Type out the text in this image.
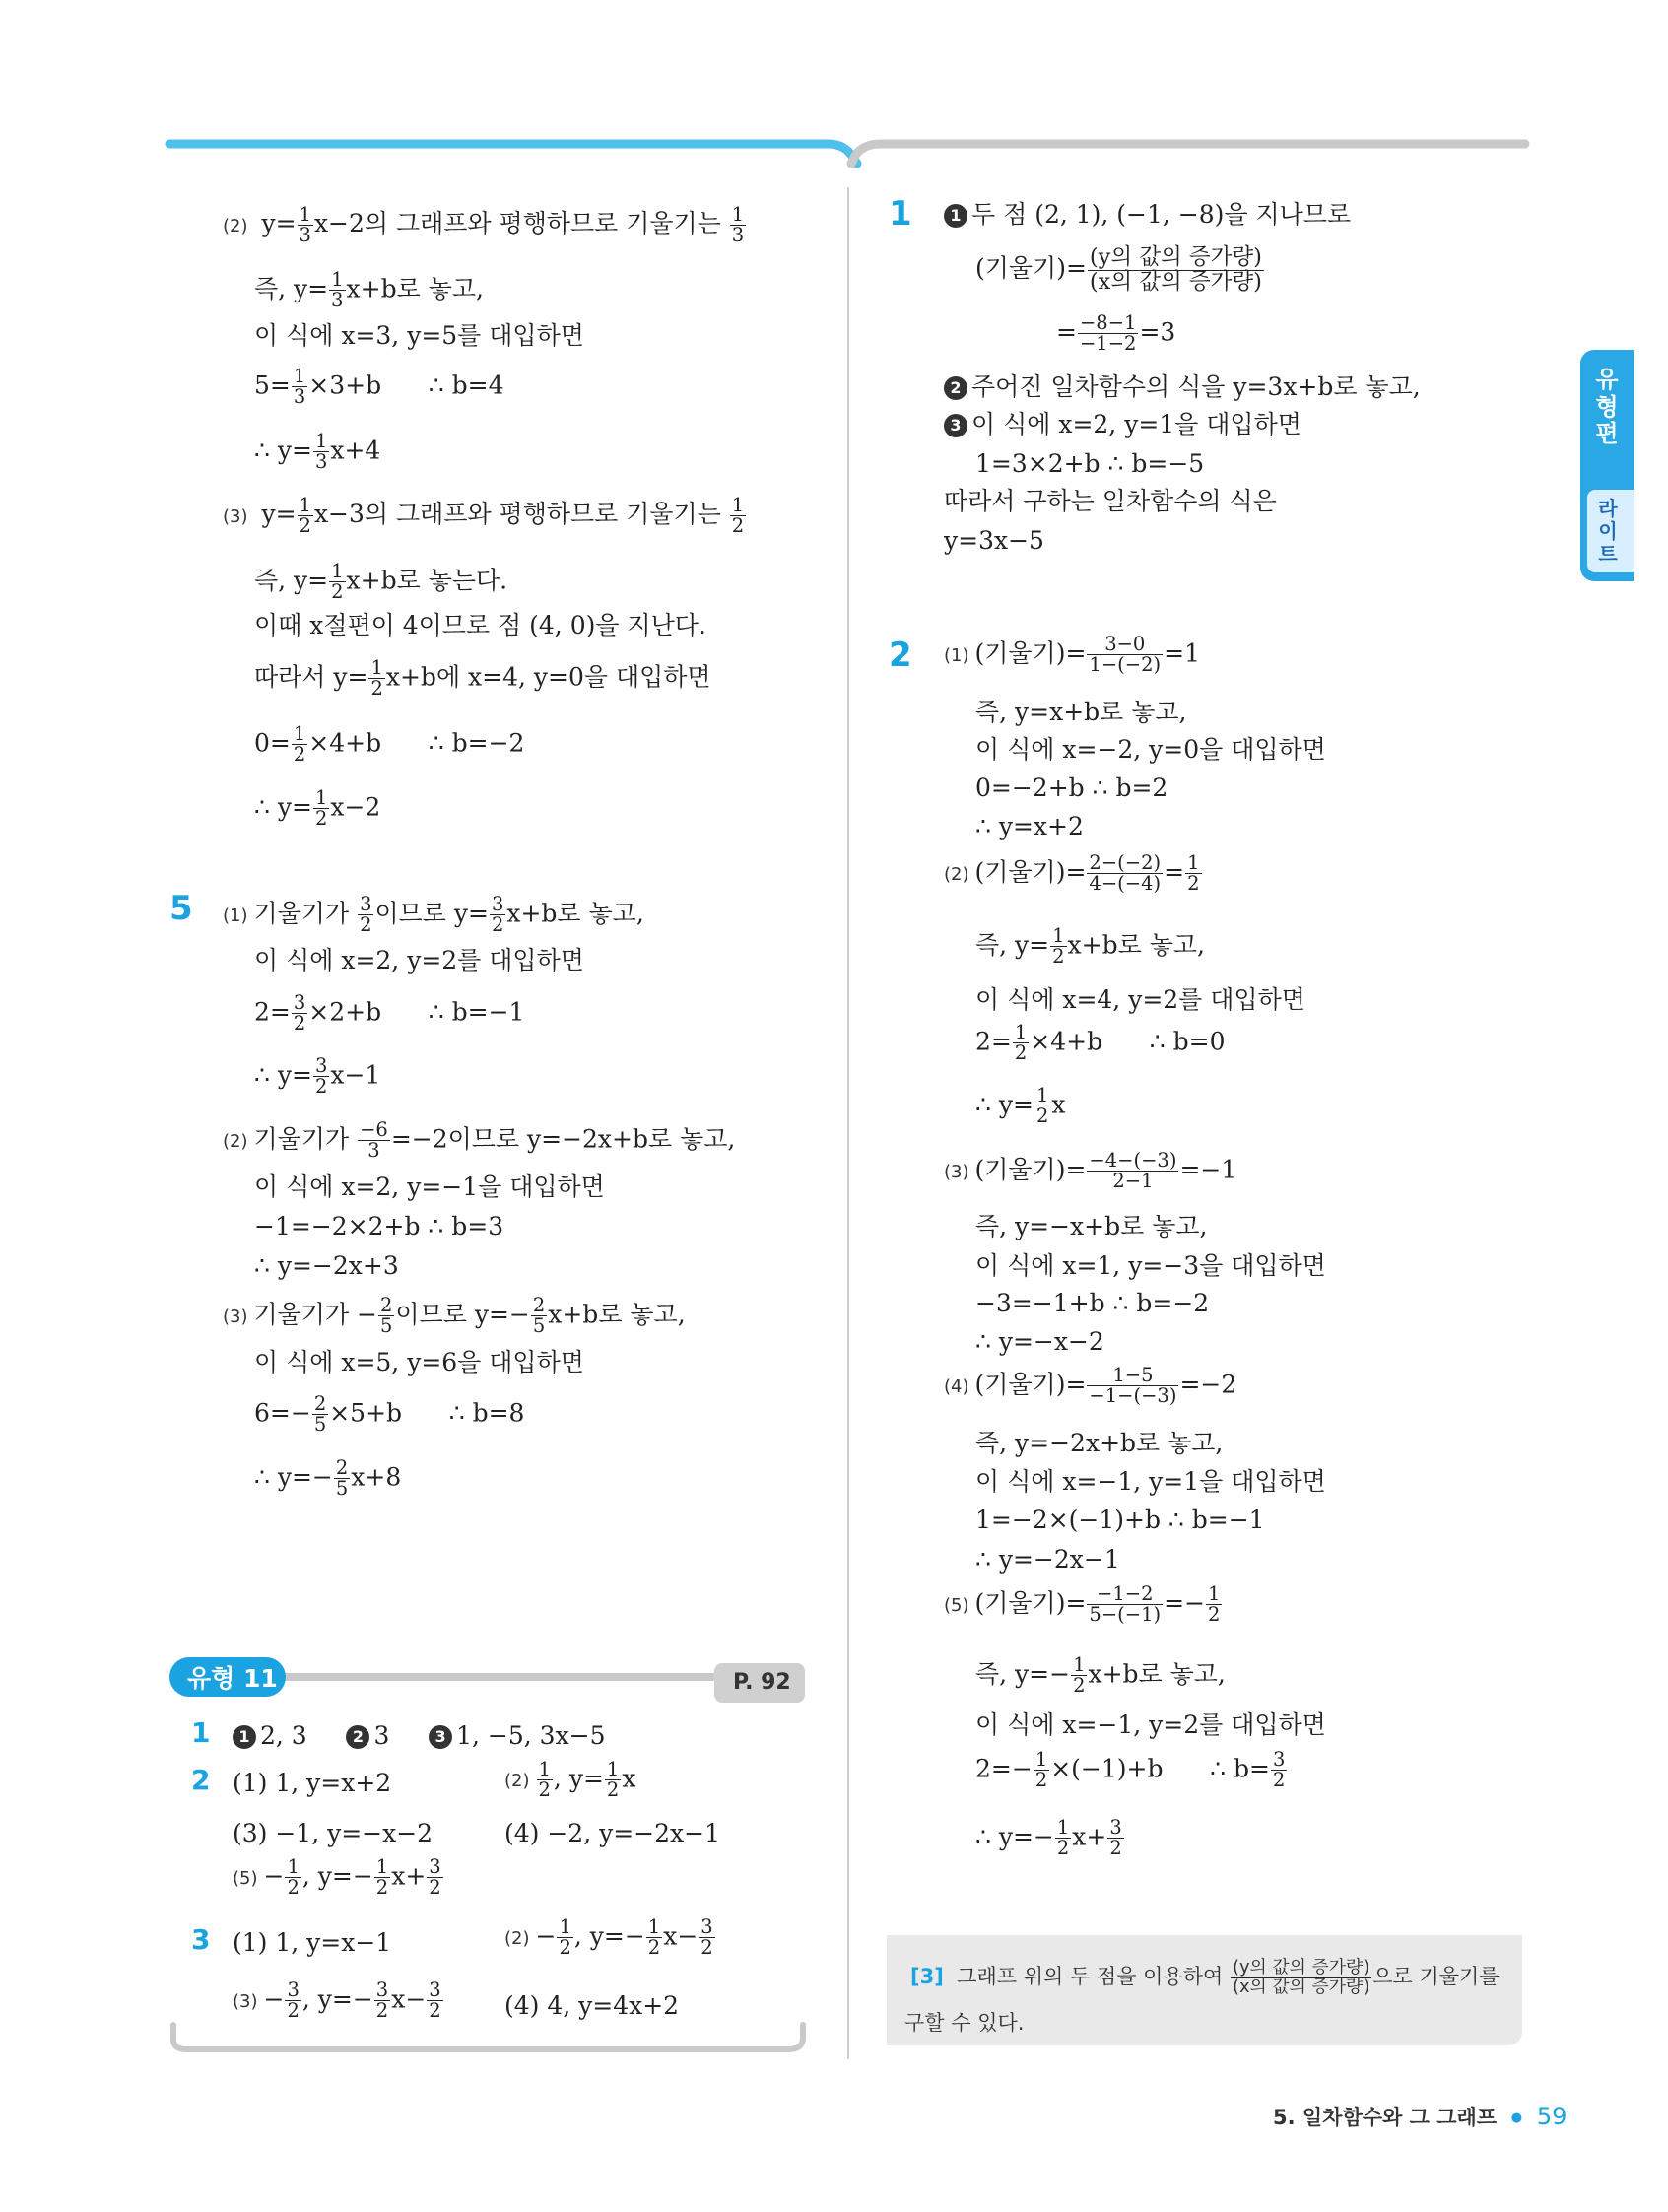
(2) $y= \frac{1}{3} x-2$의 그래프와 평행하므로 기울기는 $\frac{1}{3}$
즉, $y= \frac{1}{3} x+b$로 놓고,
이 식에 x=3, y=5를 대입하면
$5= \frac{1}{3} \times 3+b$      ∴ b=4
∴ $y= \frac{1}{3} x+4$
(3) $y= \frac{1}{2} x-3$의 그래프와 평행하므로 기울기는 $\frac{1}{2}$
즉, $y= \frac{1}{2} x+b$로 놓는다.
이때 x절편이 4이므로 점 (4, 0)을 지난다.
따라서 $y= \frac{1}{2} x+b$에 x=4, y=0을 대입하면
$0= \frac{1}{2} \times 4+b$      ∴ b=−2
∴ $y= \frac{1}{2} x-2$
5 (1) 기울기가 $\frac{3}{2}$ 이므로 $y= \frac{3}{2} x+b$로 놓고,
이 식에 x=2, y=2를 대입하면
$2= \frac{3}{2} \times 2+b$      ∴ b=−1
∴ $y= \frac{3}{2} x-1$
(2) 기울기가 $\frac{-6}{3} =-2$이므로 y=−2x+b로 놓고,
이 식에 x=2, y=−1을 대입하면
−1=−2×2+b ∴ b=3
∴ y=−2x+3
(3) 기울기가 − $\frac{2}{5}$ 이므로 $y=- \frac{2}{5} x+b$로 놓고,
이 식에 x=5, y=6을 대입하면
$6=- \frac{2}{5} \times 5+b$      ∴ b=8
∴ $y=- \frac{2}{5} x+8$
유형 11	P. 92
1	1 2, 3     2 3     3 1, −5, 3x−5
2 (1) 1, y=x+2	$(2) \frac{1}{2}$ , $y= \frac{1}{2}$ x
(3) −1, y=−x−2	(4) −2, y=−2x−1
$(5) - \frac{1}{2}$ , $y=- \frac{1}{2} x+ \frac{3}{2}$
3 (1) 1, y=x−1	$(2) - \frac{1}{2}$ , $y=- \frac{1}{2} x- \frac{3}{2}$
$(3) - \frac{3}{2}$ , $y=- \frac{3}{2} x- \frac{3}{2} (4)$ 4, y=4x+2
1	1 두 점 (2, 1), (−1, −8)을 지나므로
(기울기)= $\frac{\text{(y의 값의 증가량)}}{\text{(x의 값의 증가량)}}$
= $\frac{-8-1}{-1-2} =3$
2 주어진 일차함수의 식을 y=3x+b로 놓고,
3 이 식에 x=2, y=1을 대입하면
1=3×2+b ∴ b=−5
따라서 구하는 일차함수의 식은
y=3x−5
2 (1) (기울기)= $\frac{3-0}{1-(-2)} =1$
즉, y=x+b로 놓고,
이 식에 x=−2, y=0을 대입하면
0=−2+b ∴ b=2
∴ y=x+2
(2) (기울기)= $\frac{2-(-2)}{4-(-4)} = \frac{1}{2}$
즉, $y= \frac{1}{2} x+b$로 놓고,
이 식에 x=4, y=2를 대입하면
$2= \frac{1}{2} \times 4+b$      ∴ b=0
∴ $y= \frac{1}{2}$ x
(3) (기울기)= $\frac{-4-(-3)}{2-1} =-1$
즉, y=−x+b로 놓고,
이 식에 x=1, y=−3을 대입하면
−3=−1+b ∴ b=−2
∴ y=−x−2
(4) (기울기)= $\frac{1-5}{-1-(-3)} =-2$
즉, y=−2x+b로 놓고,
이 식에 x=−1, y=1을 대입하면
1=−2×(−1)+b ∴ b=−1
∴ y=−2x−1
(5) (기울기)= $\frac{-1-2}{5-(-1)} =- \frac{1}{2}$
즉, $y=- \frac{1}{2} x+b$로 놓고,
이 식에 x=−1, y=2를 대입하면
$2=- \frac{1}{2} \times(-1)+b$      ∴ $b= \frac{3}{2}$
∴ $y=- \frac{1}{2} x+ \frac{3}{2}$
[3]  그래프 위의 두 점을 이용하여 $\frac{\text{(y의 값의 증가량)}}{\text{(x의 값의 증가량)}}$ 으로 기울기를
구할 수 있다.
유형편
라이트
5. 일차함수와 그 그래프 ● 59
